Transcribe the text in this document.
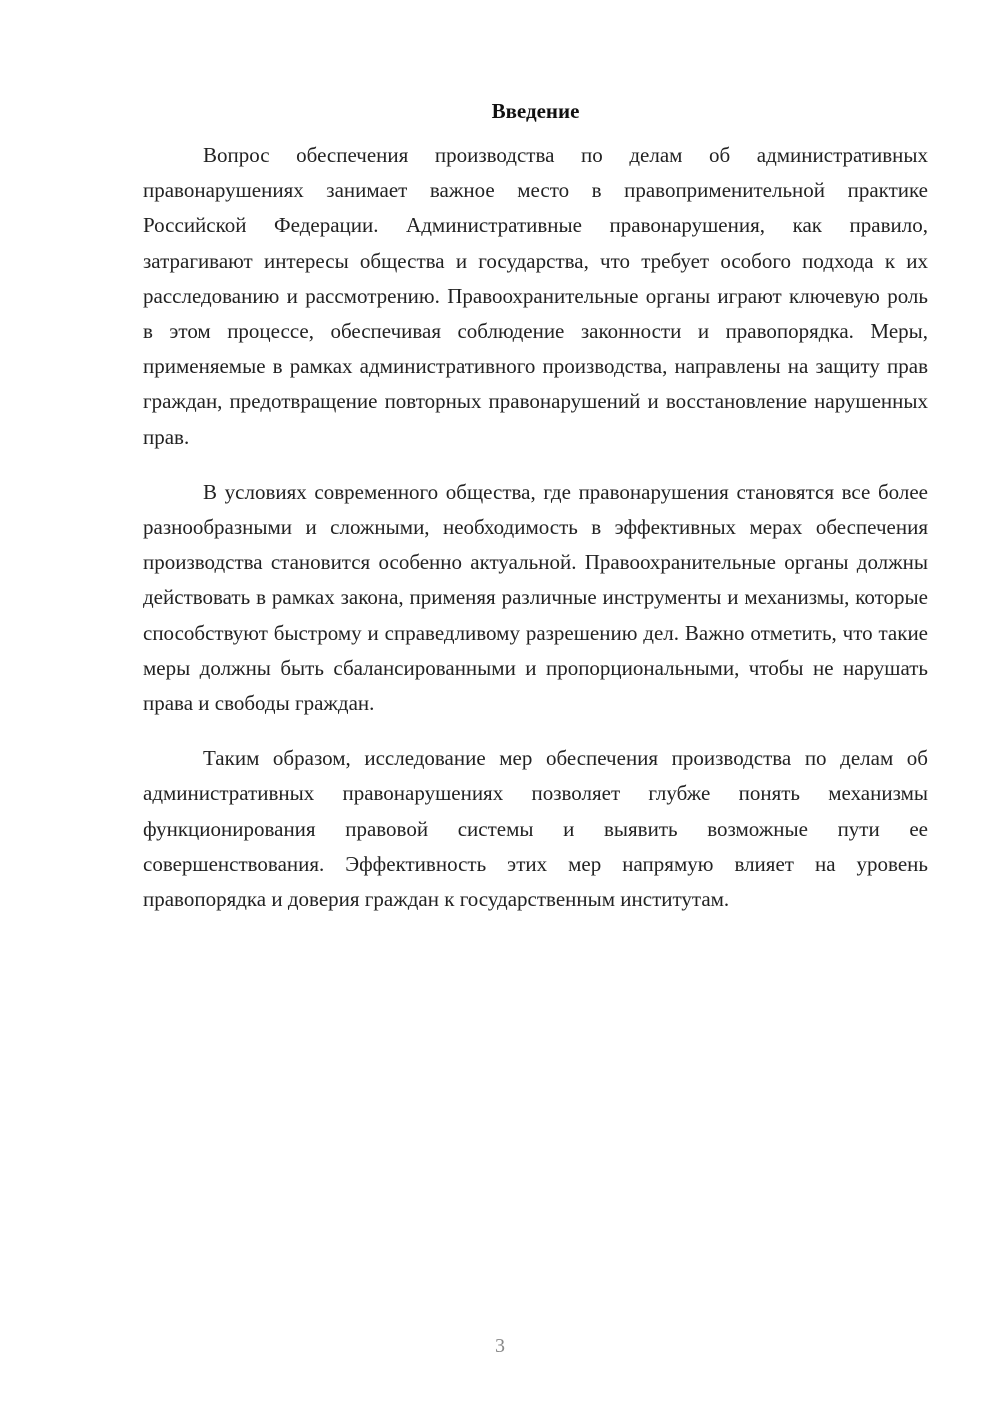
Введение

Вопрос обеспечения производства по делам об административных правонарушениях занимает важное место в правоприменительной практике Российской Федерации. Административные правонарушения, как правило, затрагивают интересы общества и государства, что требует особого подхода к их расследованию и рассмотрению. Правоохранительные органы играют ключевую роль в этом процессе, обеспечивая соблюдение законности и правопорядка. Меры, применяемые в рамках административного производства, направлены на защиту прав граждан, предотвращение повторных правонарушений и восстановление нарушенных прав.

В условиях современного общества, где правонарушения становятся все более разнообразными и сложными, необходимость в эффективных мерах обеспечения производства становится особенно актуальной. Правоохранительные органы должны действовать в рамках закона, применяя различные инструменты и механизмы, которые способствуют быстрому и справедливому разрешению дел. Важно отметить, что такие меры должны быть сбалансированными и пропорциональными, чтобы не нарушать права и свободы граждан.

Таким образом, исследование мер обеспечения производства по делам об административных правонарушениях позволяет глубже понять механизмы функционирования правовой системы и выявить возможные пути ее совершенствования. Эффективность этих мер напрямую влияет на уровень правопорядка и доверия граждан к государственным институтам.

3
